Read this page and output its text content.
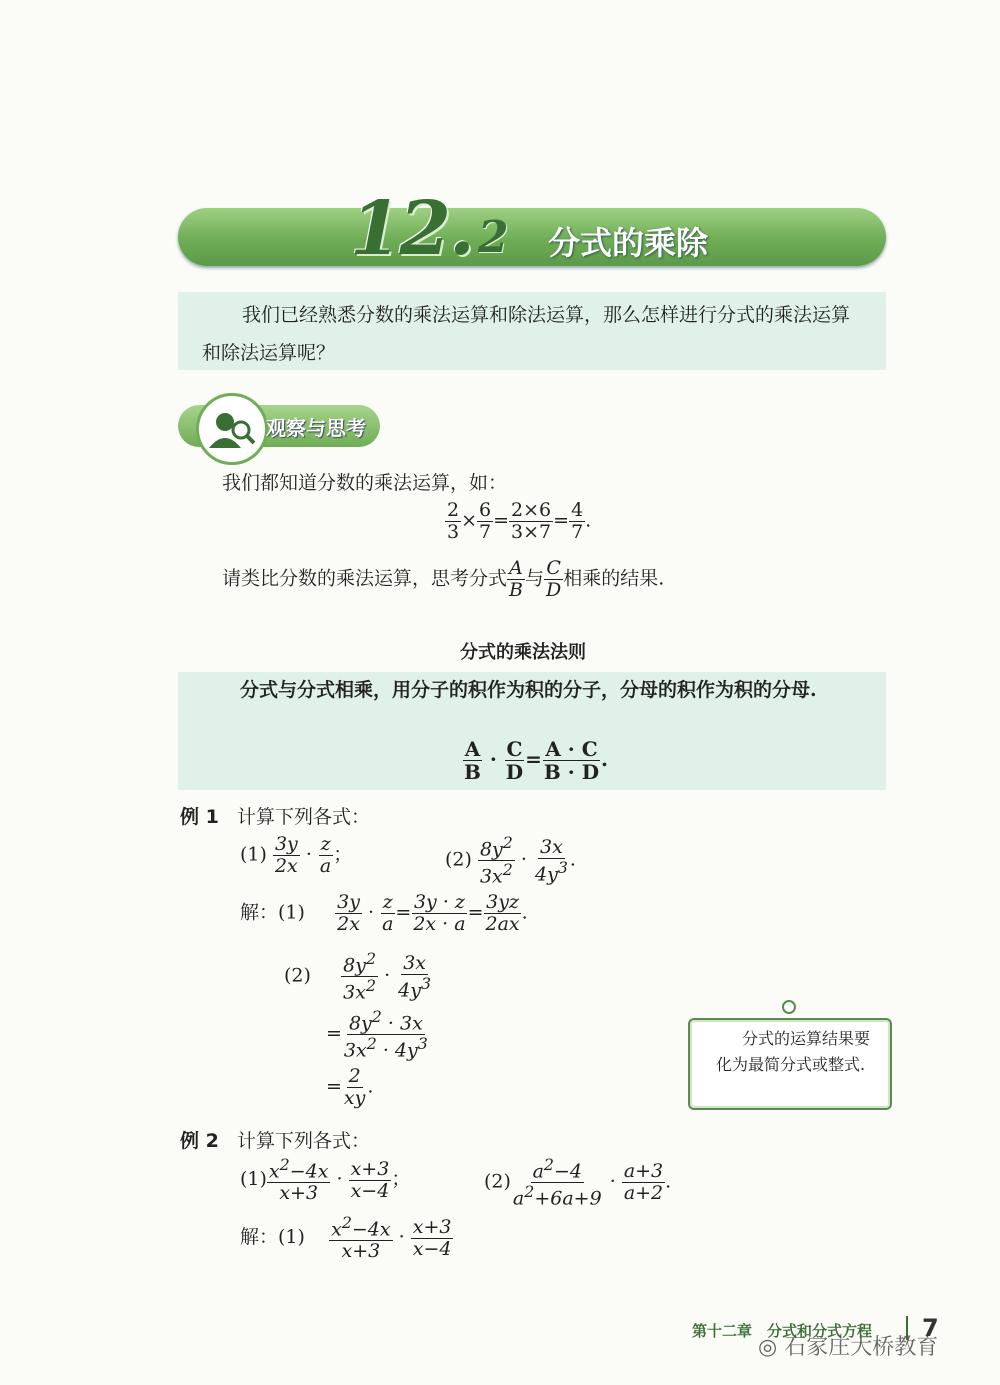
12. 2 分式的乘除

我们已经熟悉分数的乘法运算和除法运算，那么怎样进行分式的乘法运算和除法运算呢？

观察与思考
我们都知道分数的乘法运算，如：
$\frac{2}{3} \times \frac{6}{7} = \frac{2\times 6}{3\times 7} = \frac{4}{7}$ .
请类比分数的乘法运算，思考分式 $\frac{A}{B}$ 与 $\frac{C}{D}$ 相乘的结果.
分式的乘法法则
分式与分式相乘，用分子的积作为积的分子，分母的积作为积的分母.
$\frac{A}{B} \cdot \frac{C}{D} = \frac{A \cdot C}{B \cdot D}$ .
例 1 计算下列各式：
$(1) \frac{3y}{2x} \cdot \frac{z}{a}$ ；	$(2) \frac{8y^2}{3x^2} \cdot \frac{3x}{4y^3}$ .
解：$(1) \frac{3y}{2x} \cdot \frac{z}{a} = \frac{3y \cdot z}{2x \cdot a} = \frac{3yz}{2ax}$ .
$(2) \frac{8y^2}{3x^2} \cdot \frac{3x}{4y^3}$
= $\frac{8y^2 \cdot 3x}{3x^2 \cdot 4y^3}$
= $\frac{2}{xy}$ .

分式的运算结果要化为最简分式或整式.

例 2 计算下列各式：
$(1) \frac{x^2-4x}{x+3} \cdot \frac{x+3}{x-4}$ ；	$(2) \frac{a^2-4}{a^2+6a+9} \cdot \frac{a+3}{a+2}$ .
解：$(1) \frac{x^2-4x}{x+3} \cdot \frac{x+3}{x-4}$
第十二章　分式和分式方程 7
◎ 石家庄大桥教育
